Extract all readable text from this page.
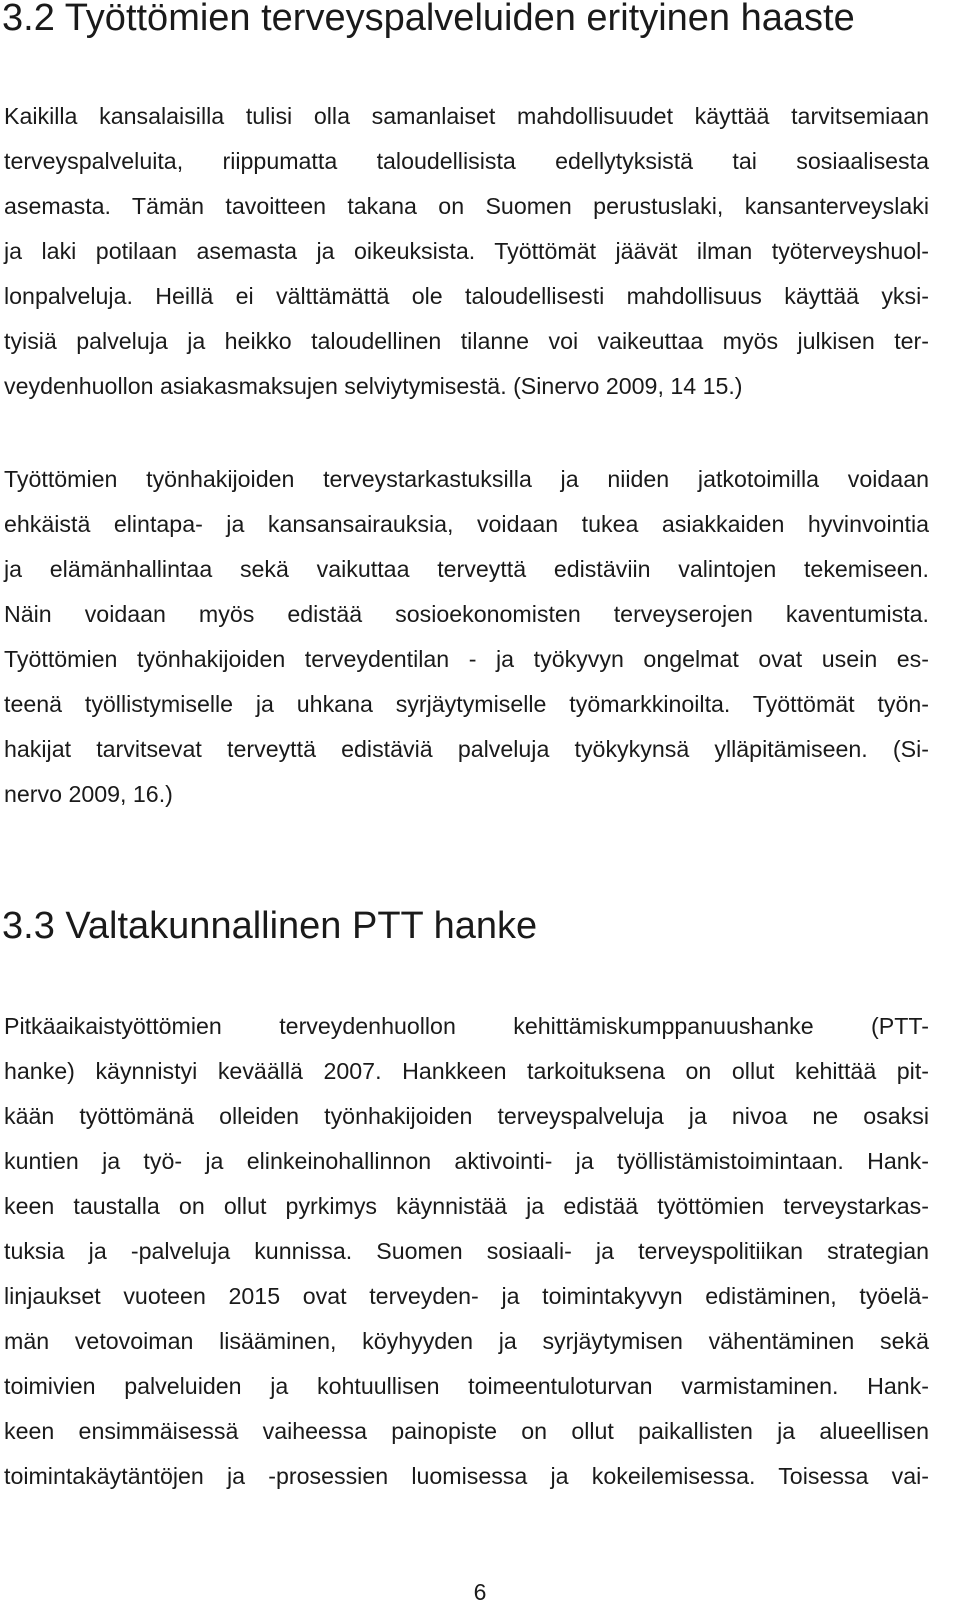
3.2 Työttömien terveyspalveluiden erityinen haaste
Kaikilla kansalaisilla tulisi olla samanlaiset mahdollisuudet käyttää tarvitsemiaan
terveyspalveluita, riippumatta taloudellisista edellytyksistä tai sosiaalisesta
asemasta. Tämän tavoitteen takana on Suomen perustuslaki, kansanterveyslaki
ja laki potilaan asemasta ja oikeuksista. Työttömät jäävät ilman työterveyshuol-
lonpalveluja. Heillä ei välttämättä ole taloudellisesti mahdollisuus käyttää yksi-
tyisiä palveluja ja heikko taloudellinen tilanne voi vaikeuttaa myös julkisen ter-
veydenhuollon asiakasmaksujen selviytymisestä. (Sinervo 2009, 14 15.)
Työttömien työnhakijoiden terveystarkastuksilla ja niiden jatkotoimilla voidaan
ehkäistä elintapa- ja kansansairauksia, voidaan tukea asiakkaiden hyvinvointia
ja elämänhallintaa sekä vaikuttaa terveyttä edistäviin valintojen tekemiseen.
Näin voidaan myös edistää sosioekonomisten terveyserojen kaventumista.
Työttömien työnhakijoiden terveydentilan - ja työkyvyn ongelmat ovat usein es-
teenä työllistymiselle ja uhkana syrjäytymiselle työmarkkinoilta. Työttömät työn-
hakijat tarvitsevat terveyttä edistäviä palveluja työkykynsä ylläpitämiseen. (Si-
nervo 2009, 16.)
3.3 Valtakunnallinen PTT hanke
Pitkäaikaistyöttömien terveydenhuollon kehittämiskumppanuushanke (PTT-
hanke) käynnistyi keväällä 2007. Hankkeen tarkoituksena on ollut kehittää pit-
kään työttömänä olleiden työnhakijoiden terveyspalveluja ja nivoa ne osaksi
kuntien ja työ- ja elinkeinohallinnon aktivointi- ja työllistämistoimintaan. Hank-
keen taustalla on ollut pyrkimys käynnistää ja edistää työttömien terveystarkas-
tuksia ja -palveluja kunnissa. Suomen sosiaali- ja terveyspolitiikan strategian
linjaukset vuoteen 2015 ovat terveyden- ja toimintakyvyn edistäminen, työelä-
män vetovoiman lisääminen, köyhyyden ja syrjäytymisen vähentäminen sekä
toimivien palveluiden ja kohtuullisen toimeentuloturvan varmistaminen. Hank-
keen ensimmäisessä vaiheessa painopiste on ollut paikallisten ja alueellisen
toimintakäytäntöjen ja -prosessien luomisessa ja kokeilemisessa. Toisessa vai-
6
